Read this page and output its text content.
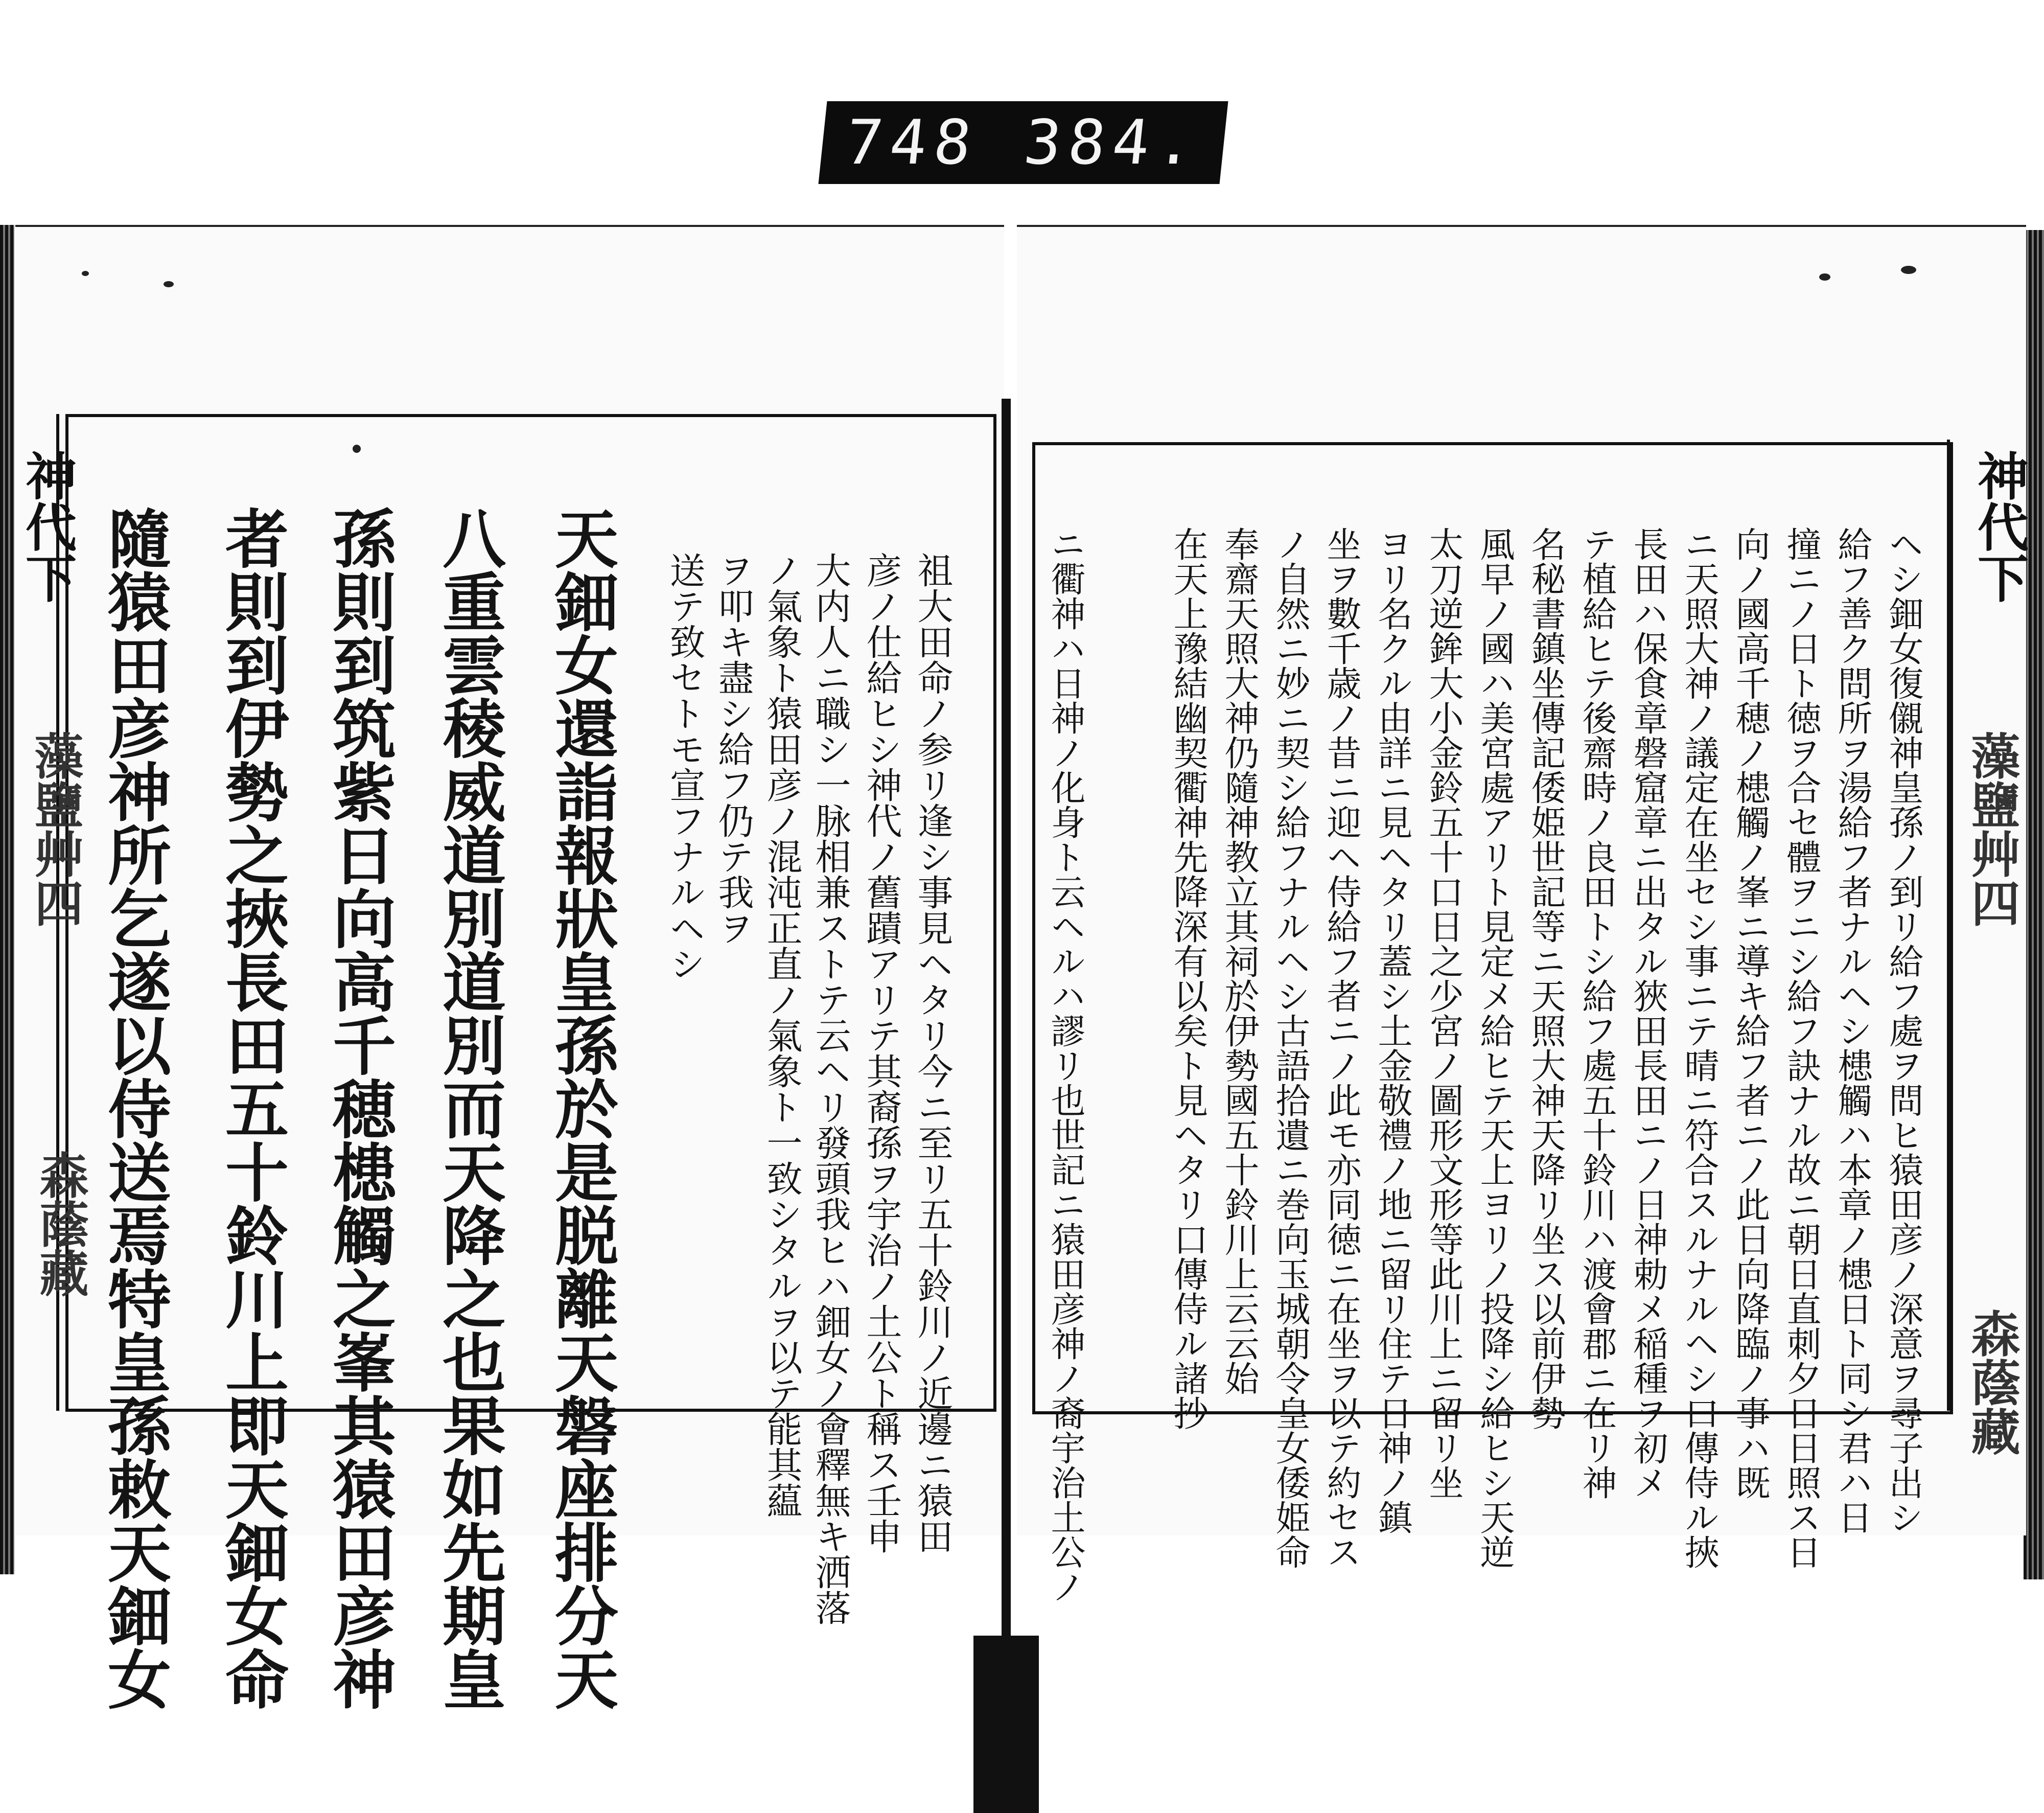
748 384.
神代下
藻鹽艸四
森蔭藏
神代下
藻鹽艸四
森蔭藏
天鈿女還詣報狀皇孫於是脱離天磐座排分天
八重雲稜威道別道別而天降之也果如先期皇
孫則到筑紫日向高千穂槵觸之峯其猿田彦神
者則到伊勢之挾長田五十鈴川上即天鈿女命
隨猿田彦神所乞遂以侍送焉特皇孫敕天鈿女	送テ致セトモ宣フナルヘシ ヲ叩キ盡シ給フ仍テ我ヲ ノ氣象ト猿田彦ノ混沌正直ノ氣象ト一致シタルヲ以テ能其藴 大内人ニ職シ一脉相兼ストテ云ヘリ發頭我ヒハ鈿女ノ會釋無キ洒落 彦ノ仕給ヒシ神代ノ舊蹟アリテ其裔孫ヲ宇治ノ土公ト稱ス壬申 祖大田命ノ参リ逢シ事見ヘタリ今ニ至リ五十鈴川ノ近邊ニ猿田	ヘシ鈿女復儭神皇孫ノ到リ給フ處ヲ問ヒ猿田彦ノ深意ヲ尋子出シ
給フ善ク問所ヲ湯給フ者ナルヘシ槵觸ハ本章ノ槵日ト同シ君ハ日
撞ニノ日ト徳ヲ合セ體ヲニシ給フ訣ナル故ニ朝日直刺夕日日照ス日
向ノ國高千穂ノ槵觸ノ峯ニ導キ給フ者ニノ此日向降臨ノ事ハ既
ニ天照大神ノ議定在坐セシ事ニテ晴ニ符合スルナルヘシ口傳侍ル挾
長田ハ保食章磐窟章ニ出タル狹田長田ニノ日神勅メ稲種ヲ初メ
テ植給ヒテ後齋時ノ良田トシ給フ處五十鈴川ハ渡會郡ニ在リ神
名秘書鎮坐傳記倭姫世記等ニ天照大神天降リ坐ス以前伊勢
風早ノ國ハ美宮處アリト見定メ給ヒテ天上ヨリノ投降シ給ヒシ天逆
太刀逆鉾大小金鈴五十口日之少宮ノ圖形文形等此川上ニ留リ坐
ヨリ名クル由詳ニ見ヘタリ蓋シ土金敬禮ノ地ニ留リ住テ日神ノ鎮
坐ヲ數千歳ノ昔ニ迎ヘ侍給フ者ニノ此モ亦同徳ニ在坐ヲ以テ約セス
ノ自然ニ妙ニ契シ給フナルヘシ古語拾遺ニ巻向玉城朝令皇女倭姫命
奉齋天照大神仍隨神教立其祠於伊勢國五十鈴川上云云始
在天上豫結幽契衢神先降深有以矣ト見ヘタリ口傳侍ル諸抄
ニ衢神ハ日神ノ化身ト云ヘルハ謬リ也世記ニ猿田彦神ノ裔宇治土公ノ
